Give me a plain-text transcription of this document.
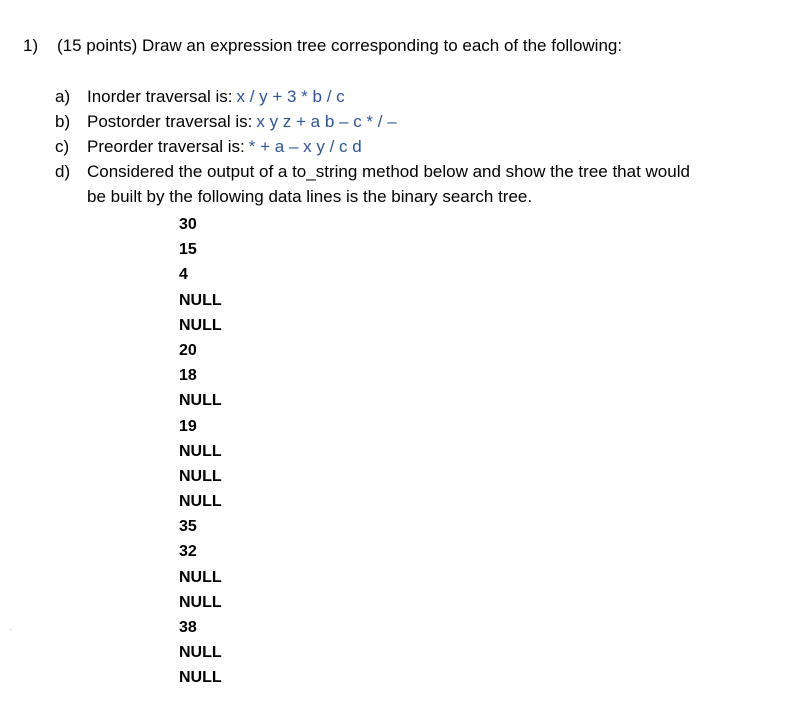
1) (15 points) Draw an expression tree corresponding to each of the following:
a) Inorder traversal is: x / y + 3 * b / c
b) Postorder traversal is: x y z + a b – c * / –
c) Preorder traversal is: * + a – x y / c d
d) Considered the output of a to_string method below and show the tree that would
be built by the following data lines is the binary search tree.
30
15
4
NULL
NULL
20
18
NULL
19
NULL
NULL
NULL
35
32
NULL
NULL
38
NULL
NULL
